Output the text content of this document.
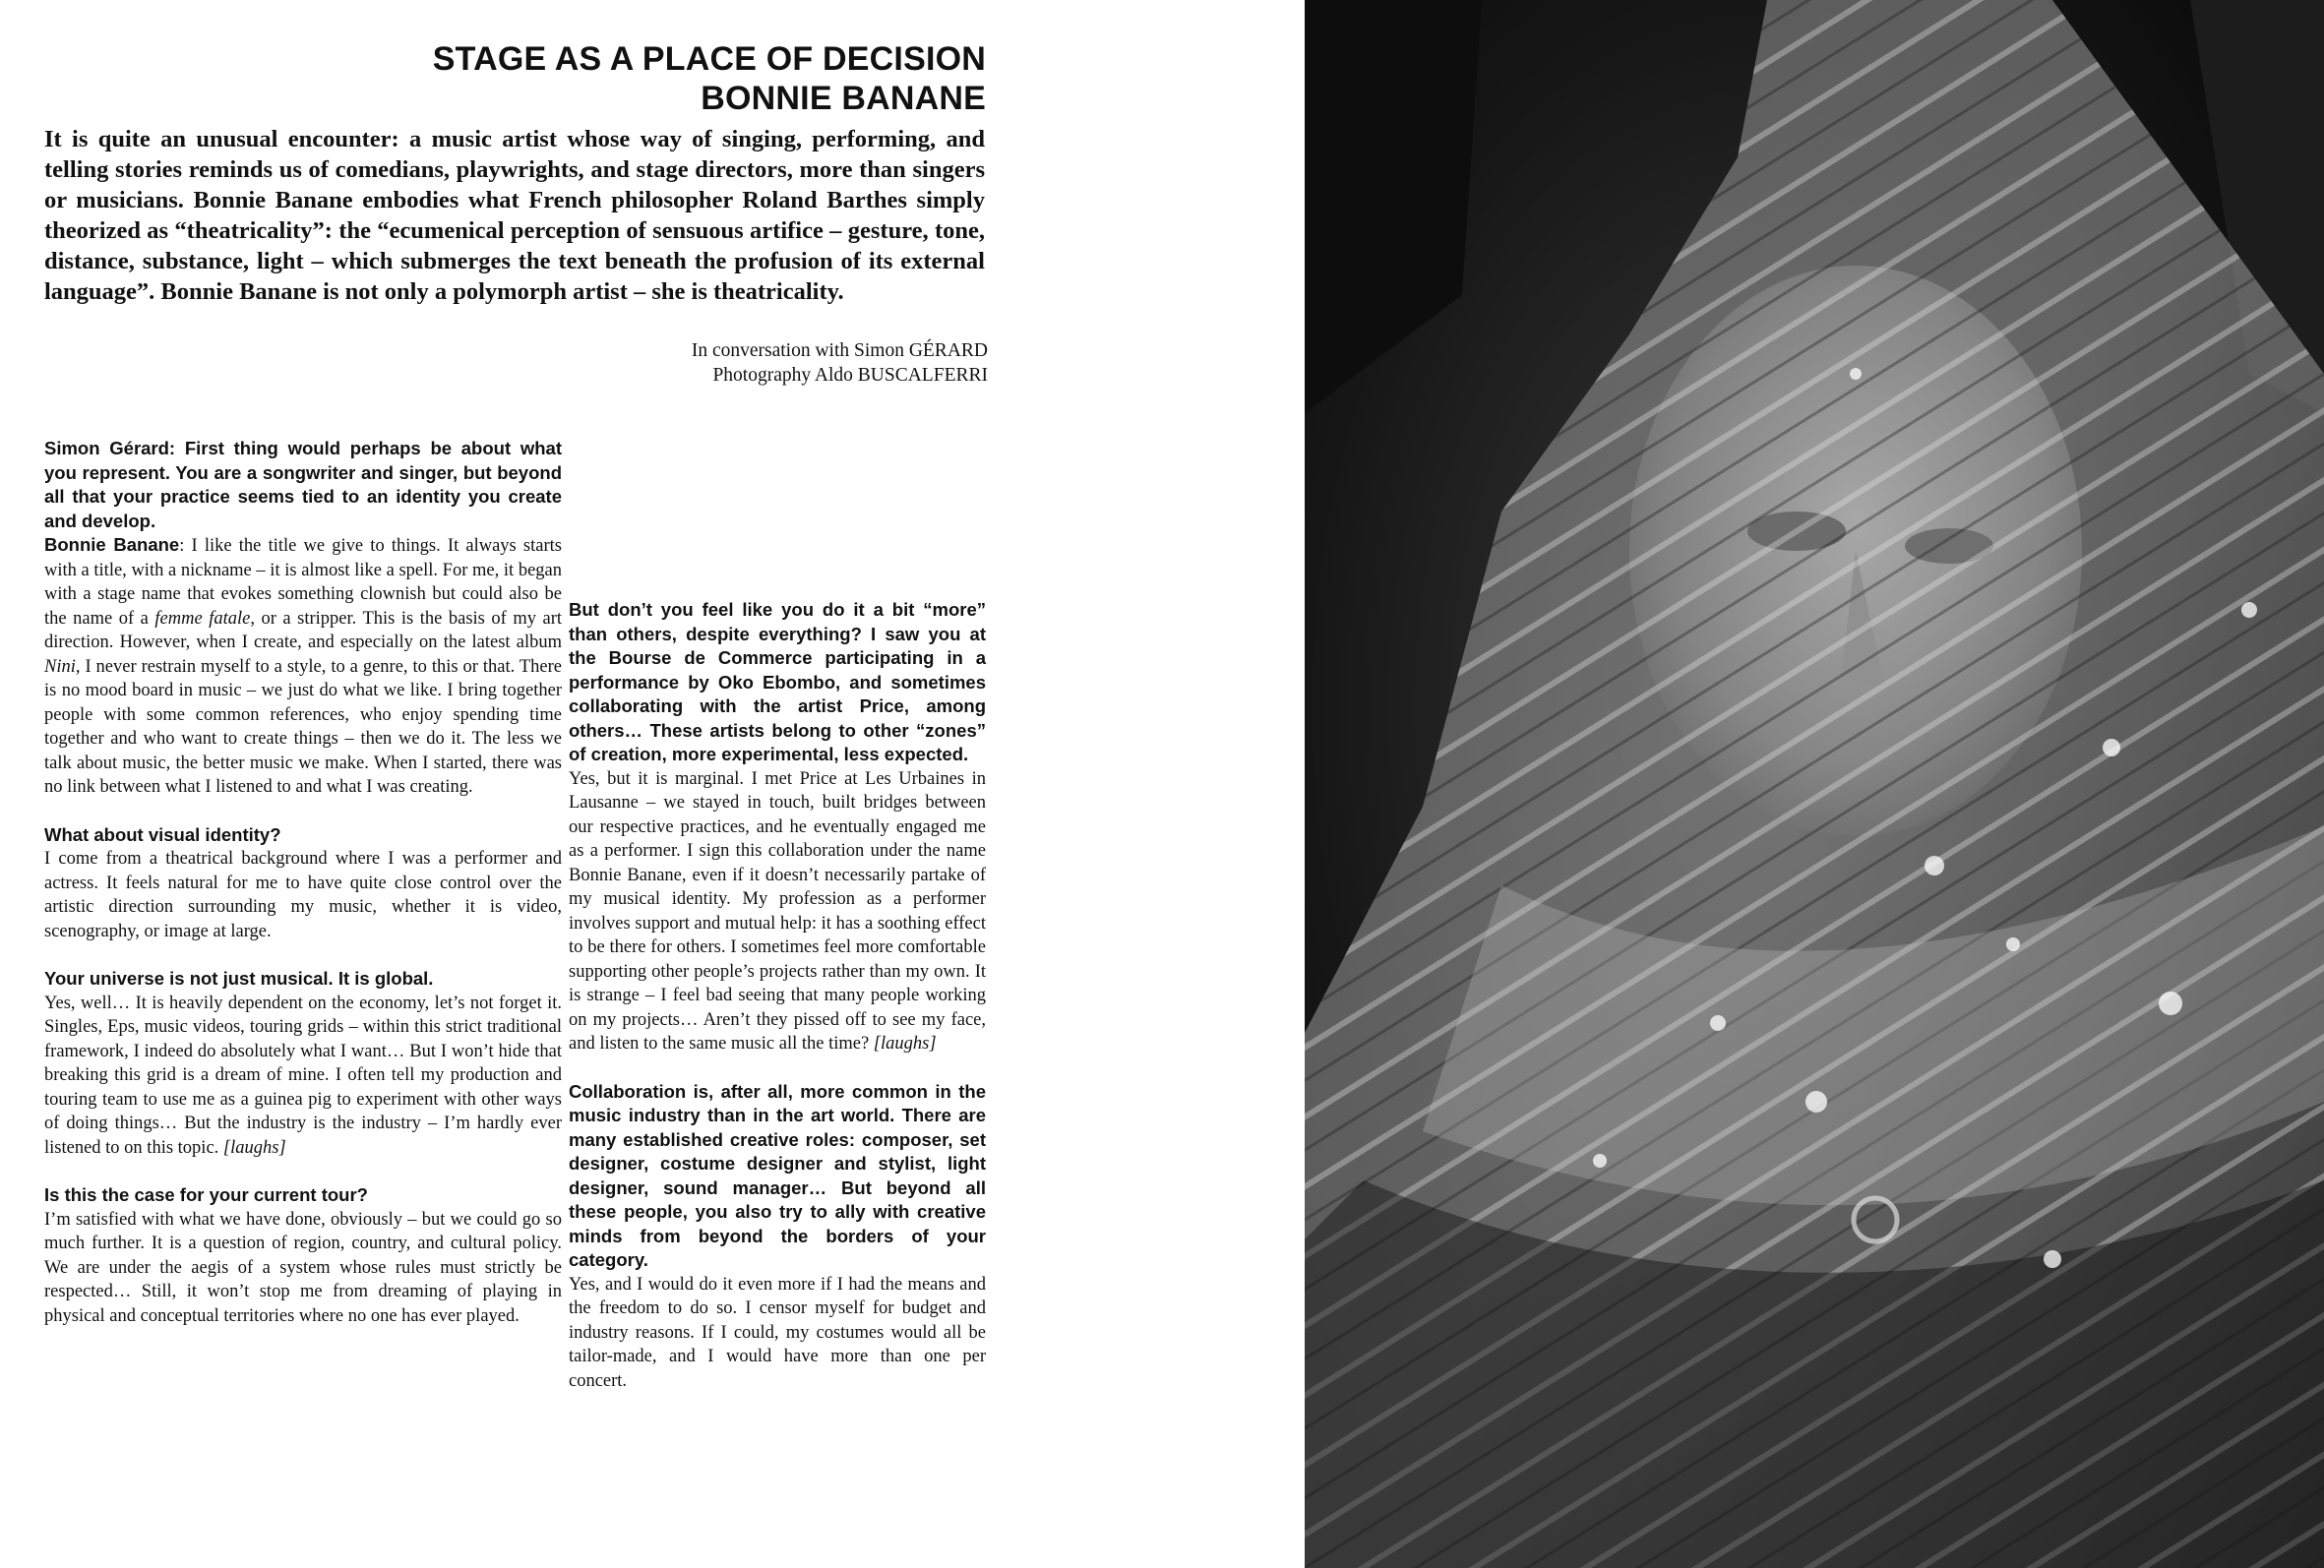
STAGE AS A PLACE OF DECISION
BONNIE BANANE

It is quite an unusual encounter: a music artist whose way of singing, performing, and telling stories reminds us of comedians, playwrights, and stage directors, more than singers or musicians. Bonnie Banane embodies what French philosopher Roland Barthes simply theorized as “theatricality”: the “ecumenical perception of sensuous artifice – gesture, tone, distance, substance, light – which submerges the text beneath the profusion of its external language”. Bonnie Banane is not only a polymorph artist – she is theatricality.

In conversation with Simon GÉRARD
Photography Aldo BUSCALFERRI

Simon Gérard: First thing would perhaps be about what you represent. You are a songwriter and singer, but beyond all that your practice seems tied to an identity you create and develop.

Bonnie Banane: I like the title we give to things. It always starts with a title, with a nickname – it is almost like a spell. For me, it began with a stage name that evokes something clownish but could also be the name of a femme fatale, or a stripper. This is the basis of my art direction. However, when I create, and especially on the latest album Nini, I never restrain myself to a style, to a genre, to this or that. There is no mood board in music – we just do what we like. I bring together people with some common references, who enjoy spending time together and who want to create things – then we do it. The less we talk about music, the better music we make. When I started, there was no link between what I listened to and what I was creating.

What about visual identity?

I come from a theatrical background where I was a performer and actress. It feels natural for me to have quite close control over the artistic direction surrounding my music, whether it is video, scenography, or image at large.

Your universe is not just musical. It is global.

Yes, well… It is heavily dependent on the economy, let’s not forget it. Singles, Eps, music videos, touring grids – within this strict traditional framework, I indeed do absolutely what I want… But I won’t hide that breaking this grid is a dream of mine. I often tell my production and touring team to use me as a guinea pig to experiment with other ways of doing things… But the industry is the industry – I’m hardly ever listened to on this topic. [laughs]

Is this the case for your current tour?

I’m satisfied with what we have done, obviously – but we could go so much further. It is a question of region, country, and cultural policy. We are under the aegis of a system whose rules must strictly be respected… Still, it won’t stop me from dreaming of playing in physical and conceptual territories where no one has ever played.

But don’t you feel like you do it a bit “more” than others, despite everything? I saw you at the Bourse de Commerce participating in a performance by Oko Ebombo, and sometimes collaborating with the artist Price, among others… These artists belong to other “zones” of creation, more experimental, less expected.

Yes, but it is marginal. I met Price at Les Urbaines in Lausanne – we stayed in touch, built bridges between our respective practices, and he eventually engaged me as a performer. I sign this collaboration under the name Bonnie Banane, even if it doesn’t necessarily partake of my musical identity. My profession as a performer involves support and mutual help: it has a soothing effect to be there for others. I sometimes feel more comfortable supporting other people’s projects rather than my own. It is strange – I feel bad seeing that many people working on my projects… Aren’t they pissed off to see my face, and listen to the same music all the time? [laughs]

Collaboration is, after all, more common in the music industry than in the art world. There are many established creative roles: composer, set designer, costume designer and stylist, light designer, sound manager… But beyond all these people, you also try to ally with creative minds from beyond the borders of your category.

Yes, and I would do it even more if I had the means and the freedom to do so. I censor myself for budget and industry reasons. If I could, my costumes would all be tailor-made, and I would have more than one per concert.
